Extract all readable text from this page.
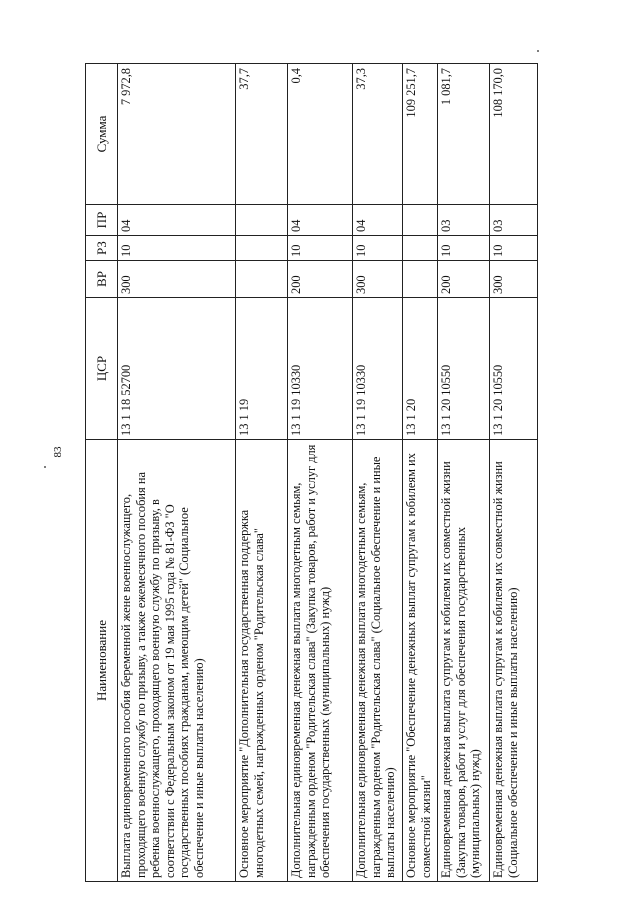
83
Наименование	ЦСР	ВР	РЗ	ПР	Сумма
Выплата единовременного пособия беременной жене военнослужащего, проходящего военную службу по призыву, а также ежемесячного пособия на ребенка военнослужащего, проходящего военную службу по призыву, в соответствии с Федеральным законом от 19 мая 1995 года № 81-ФЗ "О государственных пособиях гражданам, имеющим детей" (Социальное обеспечение и иные выплаты населению)	13 1 18 52700	300	10	04	7 972,8
Основное мероприятие "Дополнительная государственная поддержка многодетных семей, награжденных орденом "Родительская слава"	13 1 19				37,7
Дополнительная единовременная денежная выплата многодетным семьям, награжденным орденом "Родительская слава" (Закупка товаров, работ и услуг для обеспечения государственных (муниципальных) нужд)	13 1 19 10330	200	10	04	0,4
Дополнительная единовременная денежная выплата многодетным семьям, награжденным орденом "Родительская слава" (Социальное обеспечение и иные выплаты населению)	13 1 19 10330	300	10	04	37,3
Основное мероприятие "Обеспечение денежных выплат супругам к юбилеям их совместной жизни"	13 1 20				109 251,7
Единовременная денежная выплата супругам к юбилеям их совместной жизни (Закупка товаров, работ и услуг для обеспечения государственных (муниципальных) нужд)	13 1 20 10550	200	10	03	1 081,7
Единовременная денежная выплата супругам к юбилеям их совместной жизни (Социальное обеспечение и иные выплаты населению)	13 1 20 10550	300	10	03	108 170,0
